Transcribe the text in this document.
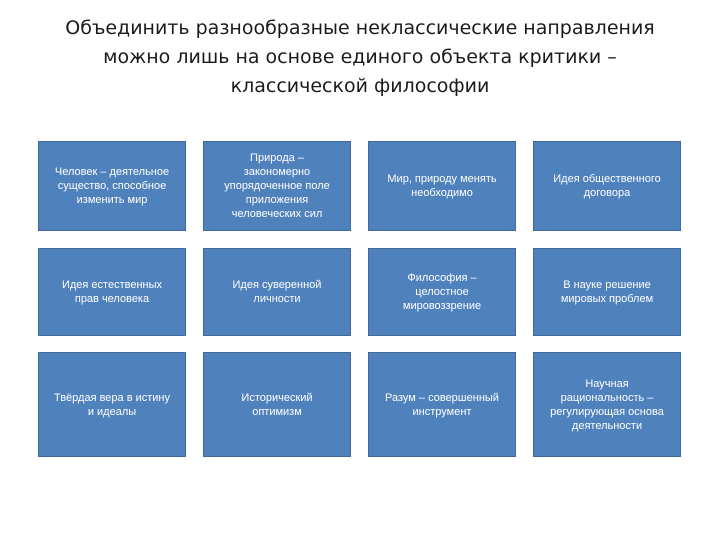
Объединить разнообразные неклассические направления
можно лишь на основе единого объекта критики –
классической философии
Человек – деятельное
существо, способное
изменить мир
Природа –
закономерно
упорядоченное поле
приложения
человеческих сил
Мир, природу менять
необходимо
Идея общественного
договора
Идея естественных
прав человека
Идея суверенной
личности
Философия –
целостное
мировоззрение
В науке решение
мировых проблем
Твёрдая вера в истину
и идеалы
Исторический
оптимизм
Разум – совершенный
инструмент
Научная
рациональность –
регулирующая основа
деятельности
